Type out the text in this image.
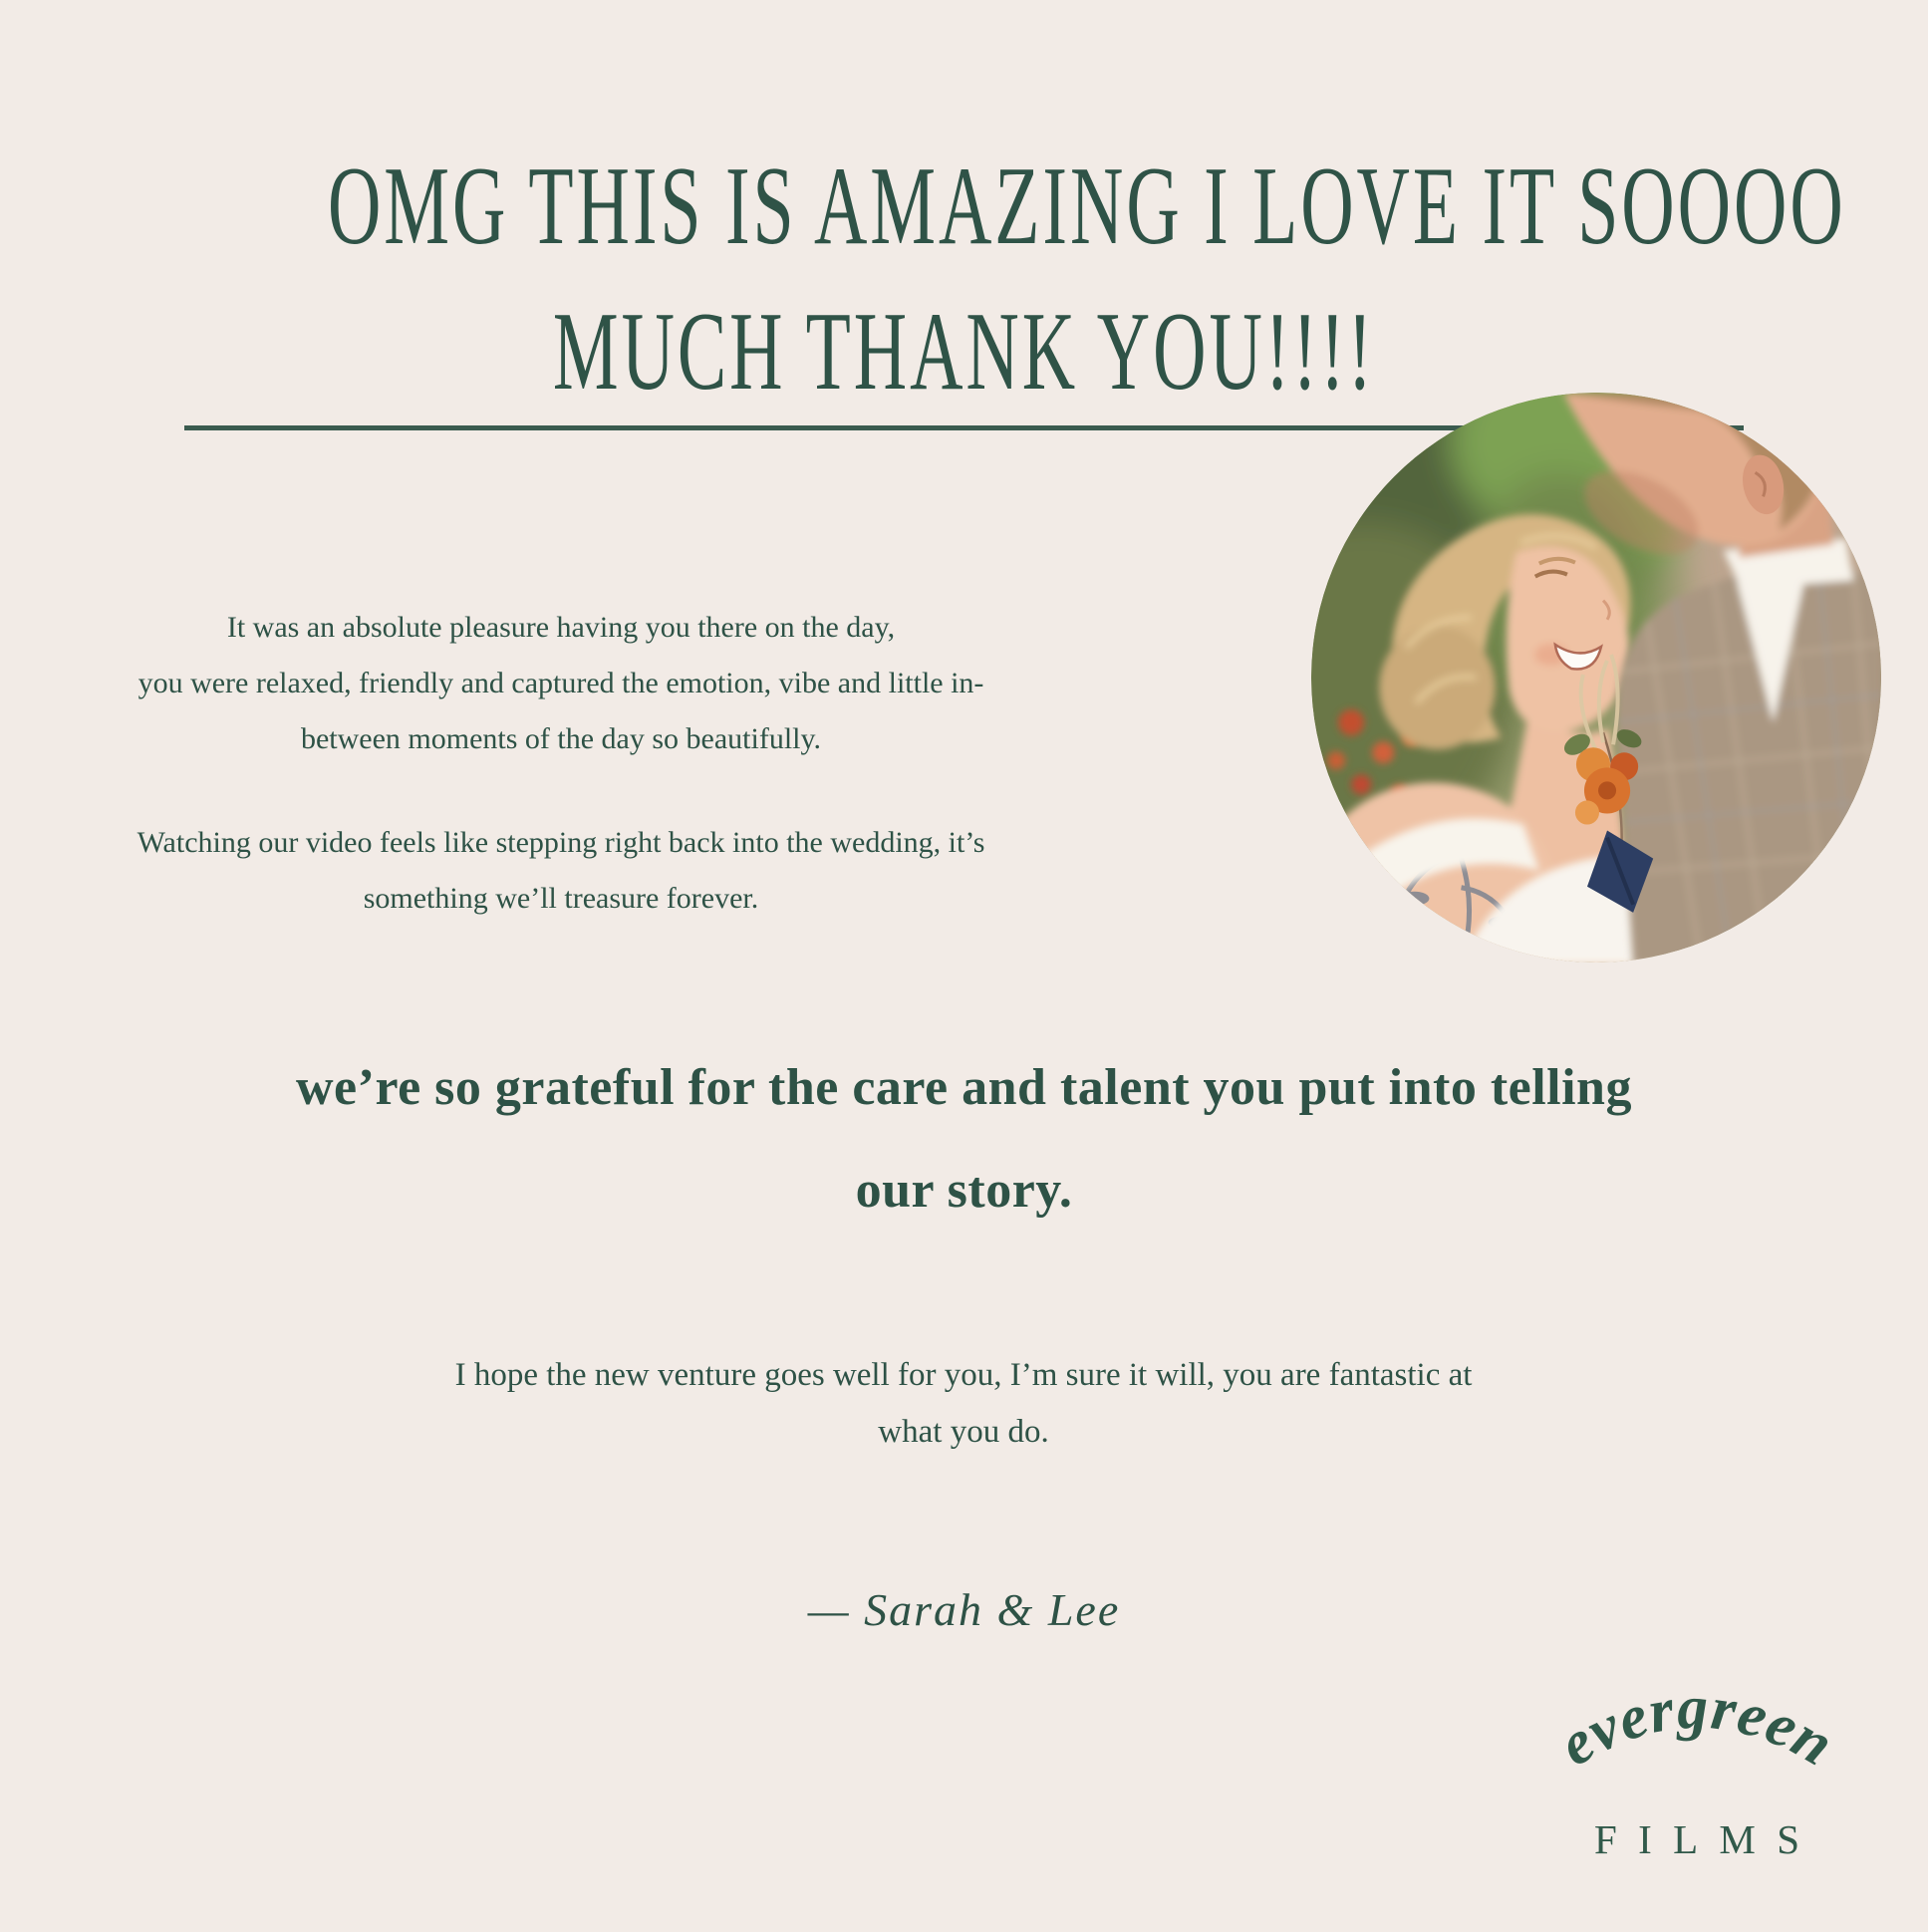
OMG THIS IS AMAZING I LOVE IT SOOOO
MUCH THANK YOU!!!!
It was an absolute pleasure having you there on the day,
you were relaxed, friendly and captured the emotion, vibe and little in-
between moments of the day so beautifully.
Watching our video feels like stepping right back into the wedding, it’s
something we’ll treasure forever.
we’re so grateful for the care and talent you put into telling
our story.
I hope the new venture goes well for you, I’m sure it will, you are fantastic at
what you do.
— Sarah & Lee
evergreen
FILMS
